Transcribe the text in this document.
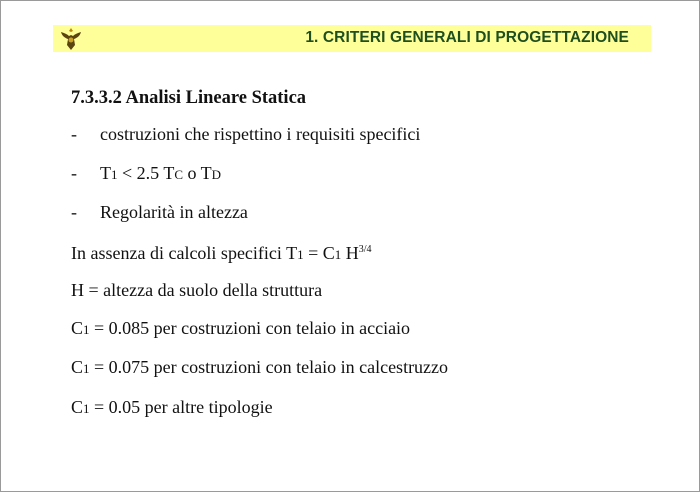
1. CRITERI GENERALI DI PROGETTAZIONE
7.3.3.2 Analisi Lineare Statica
- costruzioni che rispettino i requisiti specifici
- T1 < 2.5 TC o TD
- Regolarità in altezza
In assenza di calcoli specifici T1 = C1 $H^{3/4}$
H = altezza da suolo della struttura
C1 = 0.085 per costruzioni con telaio in acciaio
C1 = 0.075 per costruzioni con telaio in calcestruzzo
C1 = 0.05 per altre tipologie
